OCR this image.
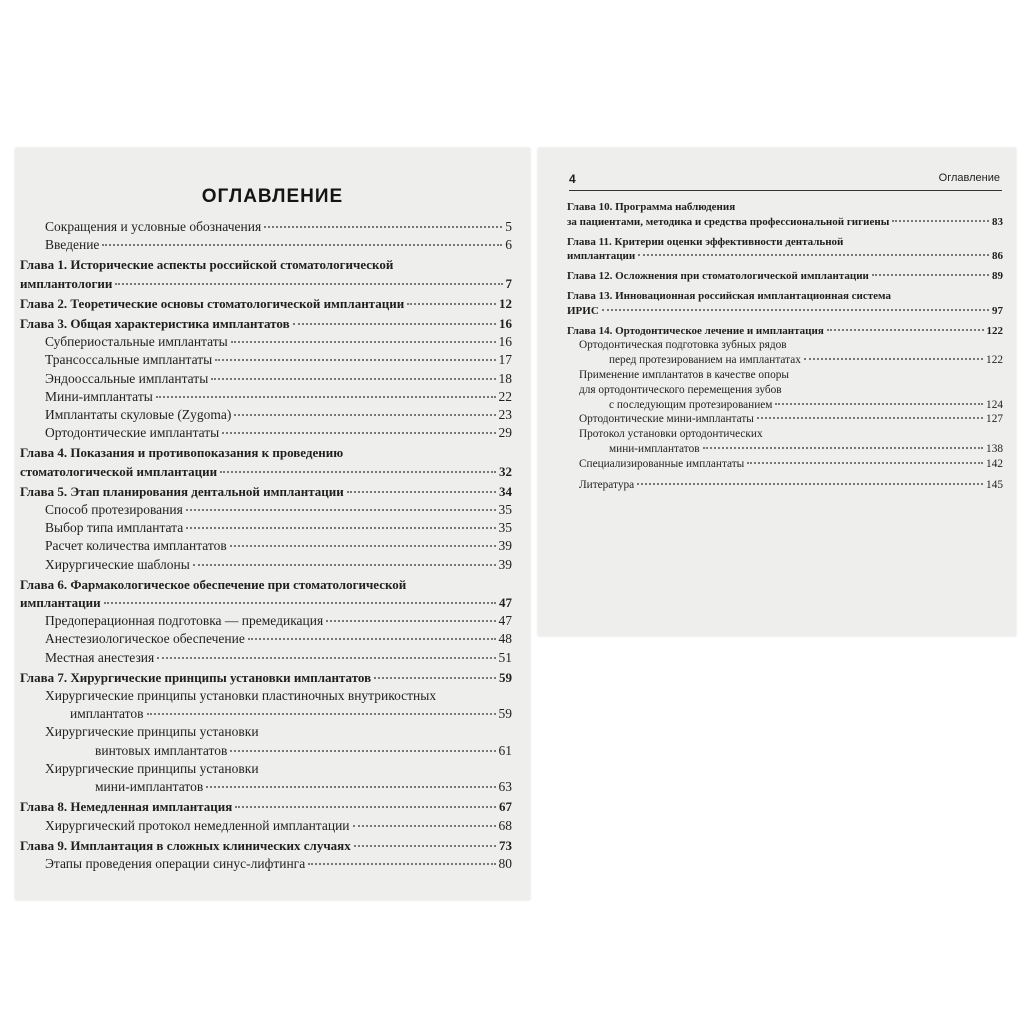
ОГЛАВЛЕНИЕ
Сокращения и условные обозначения	5
Введение	6
Глава 1. Исторические аспекты российской стоматологической
имплантологии	7
Глава 2. Теоретические основы стоматологической имплантации	12
Глава 3. Общая характеристика имплантатов	16
Субпериостальные имплантаты	16
Трансоссальные имплантаты	17
Эндооссальные имплантаты	18
Мини-имплантаты	22
Имплантаты скуловые (Zygoma)	23
Ортодонтические имплантаты	29
Глава 4. Показания и противопоказания к проведению
стоматологической имплантации	32
Глава 5. Этап планирования дентальной имплантации	34
Способ протезирования	35
Выбор типа имплантата	35
Расчет количества имплантатов	39
Хирургические шаблоны	39
Глава 6. Фармакологическое обеспечение при стоматологической
имплантации	47
Предоперационная подготовка — премедикация	47
Анестезиологическое обеспечение	48
Местная анестезия	51
Глава 7. Хирургические принципы установки имплантатов	59
Хирургические принципы установки пластиночных внутрикостных
имплантатов	59
Хирургические принципы установки
винтовых имплантатов	61
Хирургические принципы установки
мини-имплантатов	63
Глава 8. Немедленная имплантация	67
Хирургический протокол немедленной имплантации	68
Глава 9. Имплантация в сложных клинических случаях	73
Этапы проведения операции синус-лифтинга	80
4	Оглавление
Глава 10. Программа наблюдения
за пациентами, методика и средства профессиональной гигиены	83
Глава 11. Критерии оценки эффективности дентальной
имплантации	86
Глава 12. Осложнения при стоматологической имплантации	89
Глава 13. Инновационная российская имплантационная система
ИРИС	97
Глава 14. Ортодонтическое лечение и имплантация	122
Ортодонтическая подготовка зубных рядов
перед протезированием на имплантатах	122
Применение имплантатов в качестве опоры
для ортодонтического перемещения зубов
с последующим протезированием	124
Ортодонтические мини-имплантаты	127
Протокол установки ортодонтических
мини-имплантатов	138
Специализированные имплантаты	142
Литература	145
